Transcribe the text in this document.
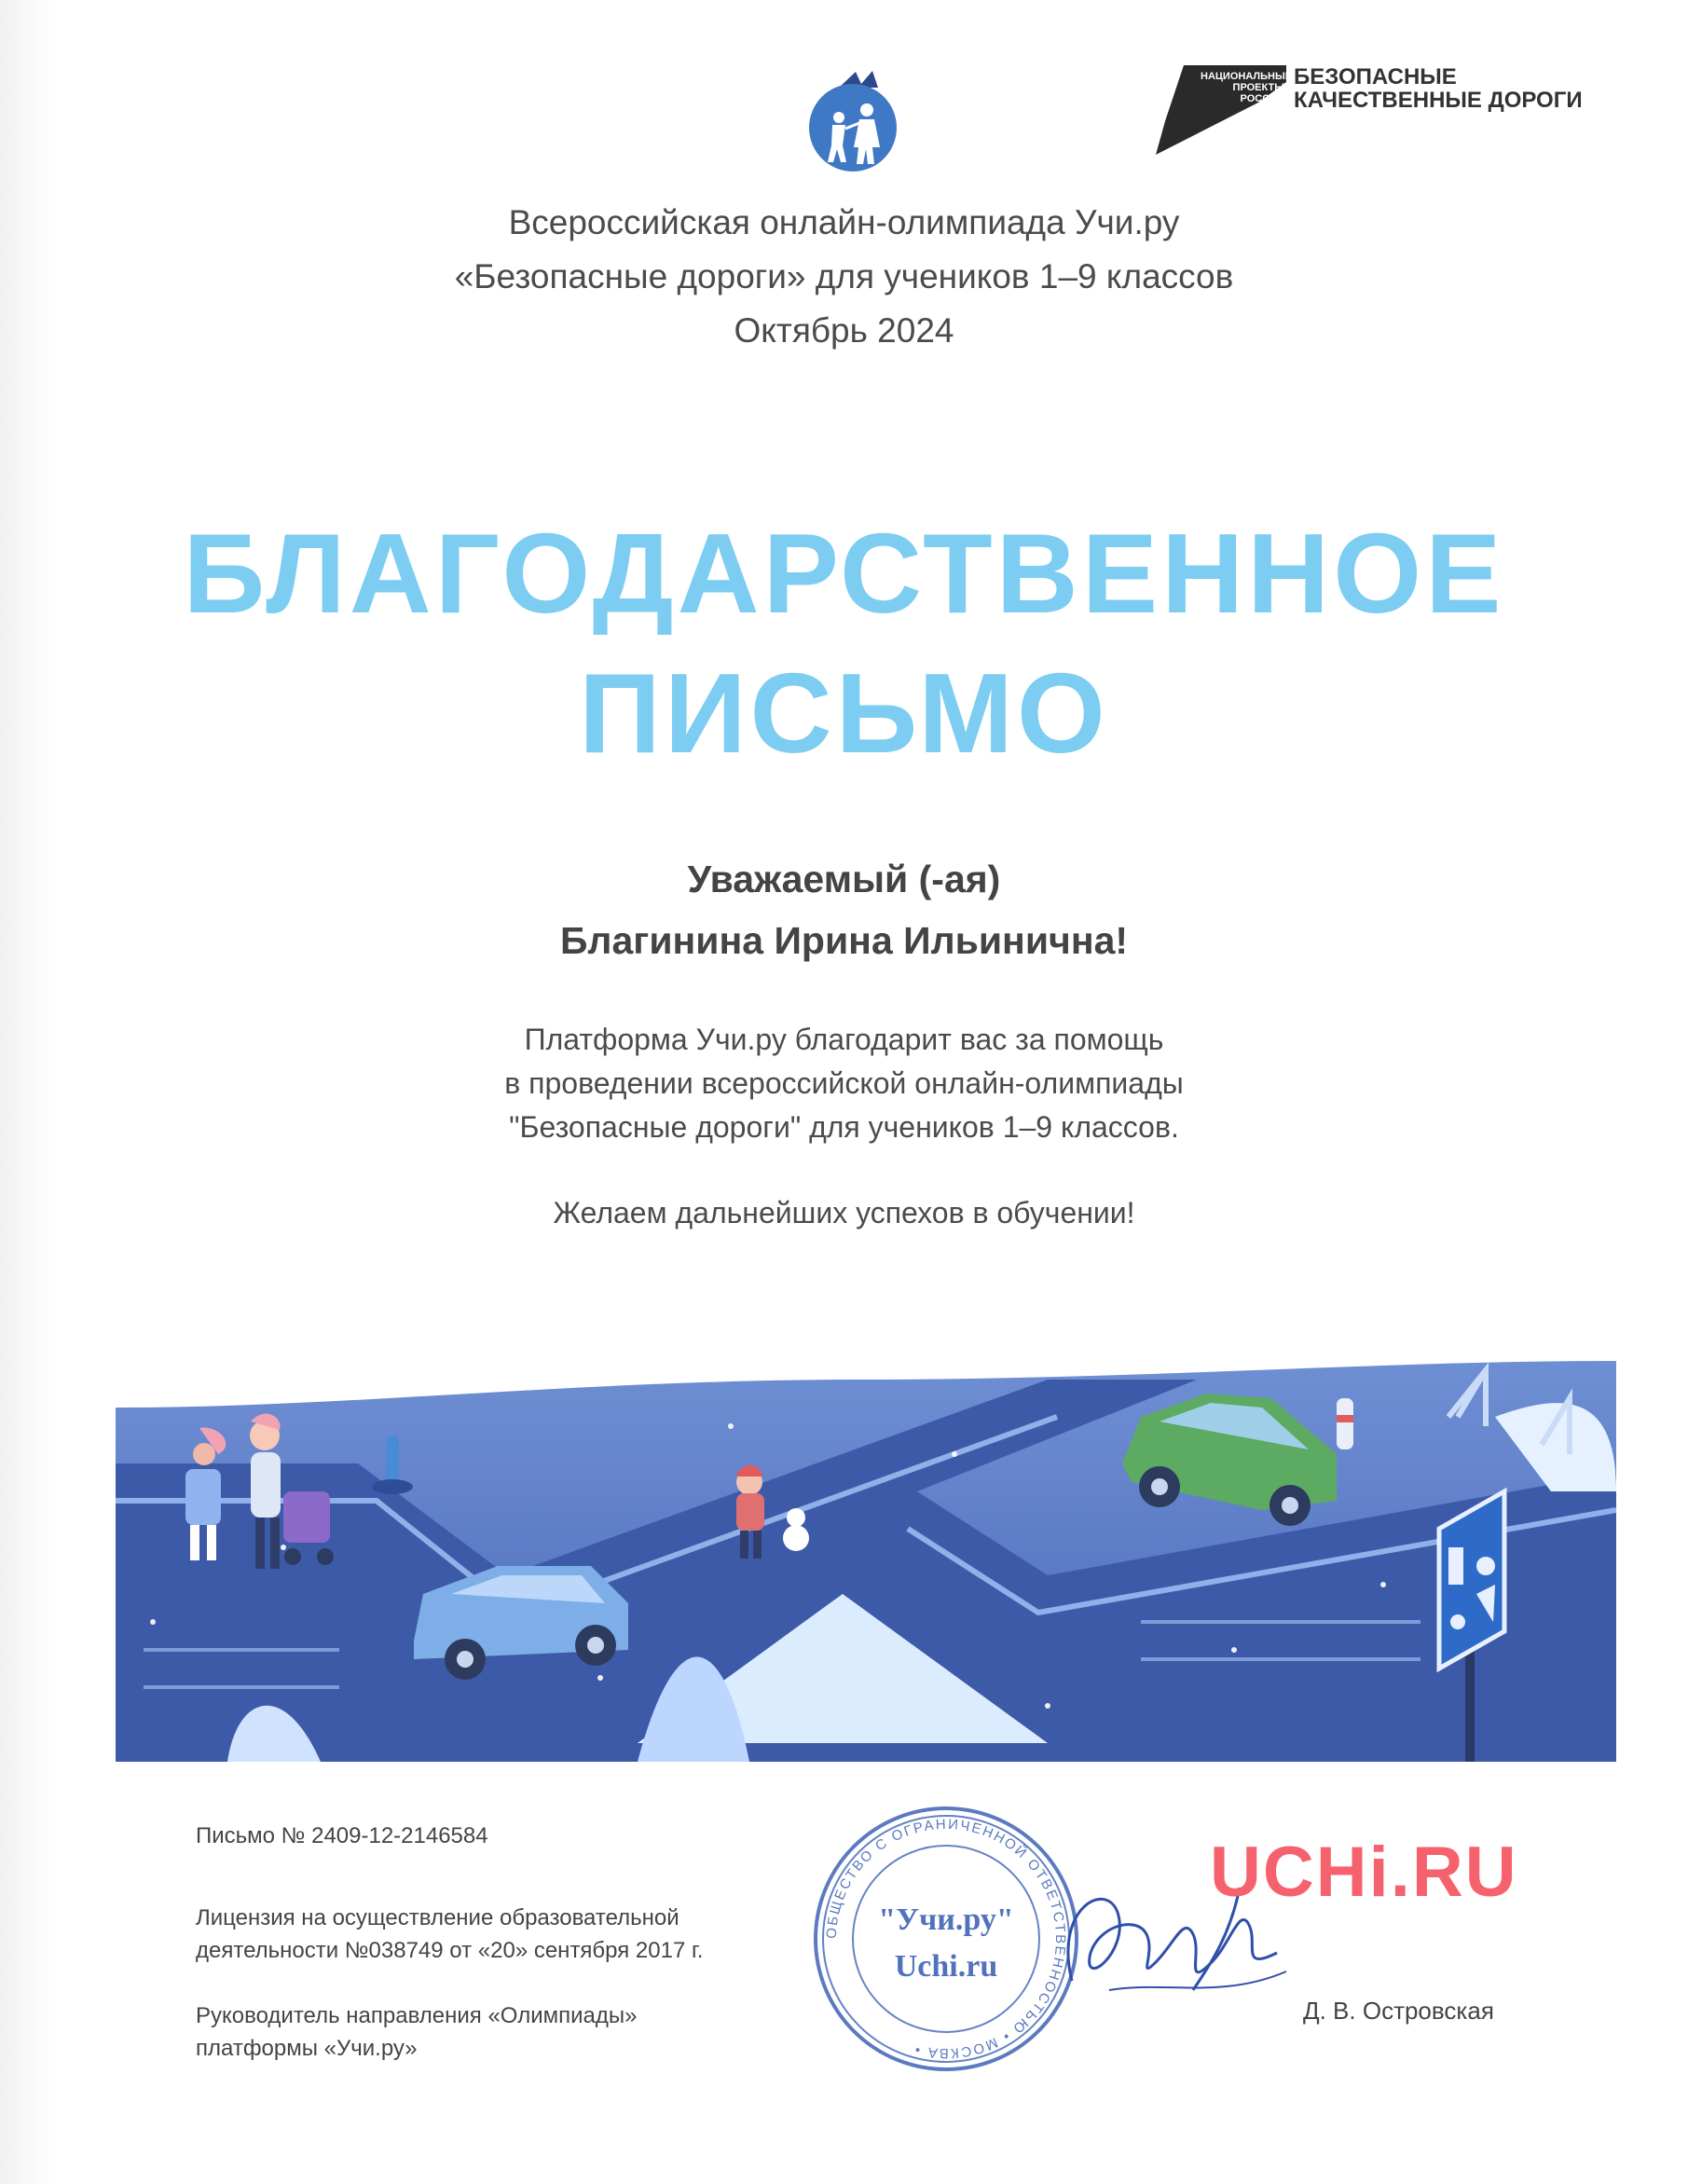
НАЦИОНАЛЬНЫЕ ПРОЕКТЫ РОССИИ
БЕЗОПАСНЫЕ
КАЧЕСТВЕННЫЕ ДОРОГИ
Всероссийская онлайн-олимпиада Учи.ру
«Безопасные дороги» для учеников 1–9 классов
Октябрь 2024
БЛАГОДАРСТВЕННОЕ
ПИСЬМО
Уважаемый (-ая)
Благинина Ирина Ильинична!
Платформа Учи.ру благодарит вас за помощь
в проведении всероссийской онлайн-олимпиады
"Безопасные дороги" для учеников 1–9 классов.
Желаем дальнейших успехов в обучении!
Письмо № 2409-12-2146584
Лицензия на осуществление образовательной
деятельности №038749 от «20» сентября 2017 г.
Руководитель направления «Олимпиады»
платформы «Учи.ру»
ОБЩЕСТВО С ОГРАНИЧЕННОЙ ОТВЕТСТВЕННОСТЬЮ • МОСКВА •
"Учи.ру"
Uchi.ru
UCHi.RU
Д. В. Островская
